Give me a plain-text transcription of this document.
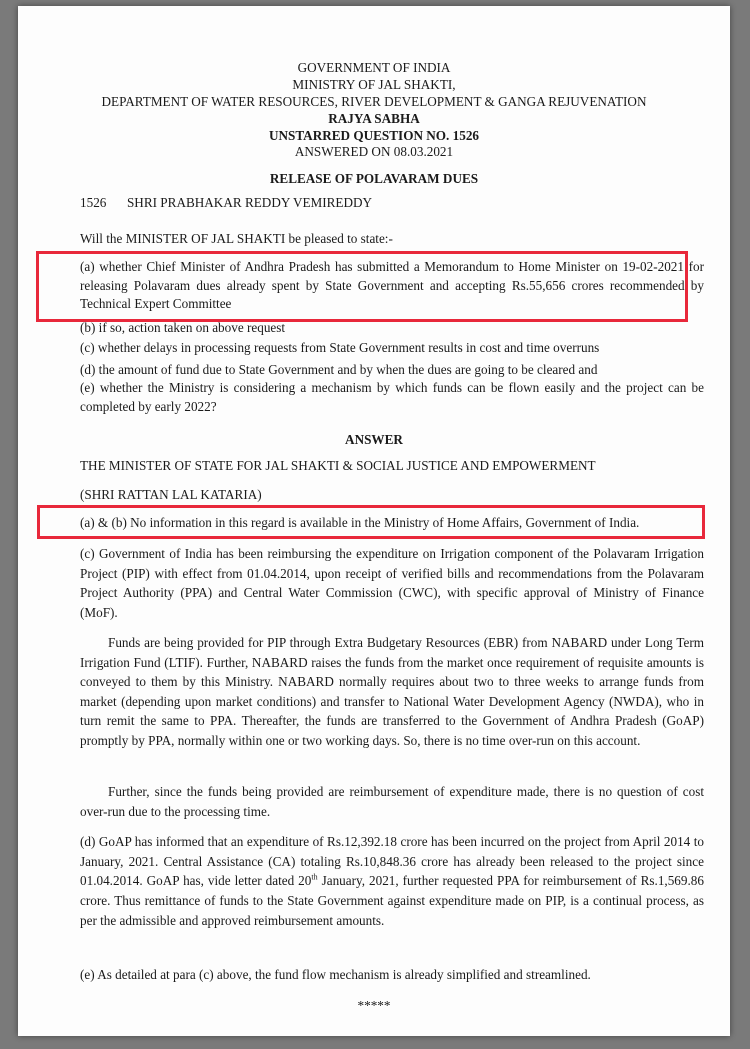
GOVERNMENT OF INDIA
MINISTRY OF JAL SHAKTI,
DEPARTMENT OF WATER RESOURCES, RIVER DEVELOPMENT & GANGA REJUVENATION
RAJYA SABHA
UNSTARRED QUESTION NO. 1526
ANSWERED ON 08.03.2021
RELEASE OF POLAVARAM DUES
1526 SHRI PRABHAKAR REDDY VEMIREDDY
Will the MINISTER OF JAL SHAKTI be pleased to state:-
(a) whether Chief Minister of Andhra Pradesh has submitted a Memorandum to Home Minister on 19-02-2021 for releasing Polavaram dues already spent by State Government and accepting Rs.55,656 crores recommended by Technical Expert Committee
(b) if so, action taken on above request
(c) whether delays in processing requests from State Government results in cost and time overruns
(d) the amount of fund due to State Government and by when the dues are going to be cleared and
(e) whether the Ministry is considering a mechanism by which funds can be flown easily and the project can be completed by early 2022?
ANSWER
THE MINISTER OF STATE FOR JAL SHAKTI & SOCIAL JUSTICE AND EMPOWERMENT
(SHRI RATTAN LAL KATARIA)
(a) & (b) No information in this regard is available in the Ministry of Home Affairs, Government of India.
(c) Government of India has been reimbursing the expenditure on Irrigation component of the Polavaram Irrigation Project (PIP) with effect from 01.04.2014, upon receipt of verified bills and recommendations from the Polavaram Project Authority (PPA) and Central Water Commission (CWC), with specific approval of Ministry of Finance (MoF).
Funds are being provided for PIP through Extra Budgetary Resources (EBR) from NABARD under Long Term Irrigation Fund (LTIF). Further, NABARD raises the funds from the market once requirement of requisite amounts is conveyed to them by this Ministry. NABARD normally requires about two to three weeks to arrange funds from market (depending upon market conditions) and transfer to National Water Development Agency (NWDA), who in turn remit the same to PPA. Thereafter, the funds are transferred to the Government of Andhra Pradesh (GoAP) promptly by PPA, normally within one or two working days. So, there is no time over-run on this account.
Further, since the funds being provided are reimbursement of expenditure made, there is no question of cost over-run due to the processing time.
(d) GoAP has informed that an expenditure of Rs.12,392.18 crore has been incurred on the project from April 2014 to January, 2021. Central Assistance (CA) totaling Rs.10,848.36 crore has already been released to the project since 01.04.2014. GoAP has, vide letter dated 20th January, 2021, further requested PPA for reimbursement of Rs.1,569.86 crore. Thus remittance of funds to the State Government against expenditure made on PIP, is a continual process, as per the admissible and approved reimbursement amounts.
(e) As detailed at para (c) above, the fund flow mechanism is already simplified and streamlined.
*****
